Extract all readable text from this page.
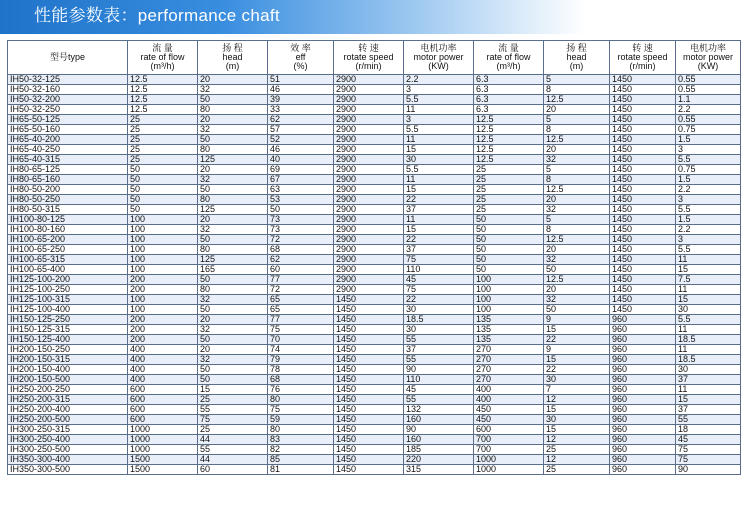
性能参数表：performance chaft
型号type	流 量
rate of flow
(m³/h)	扬 程
head
(m)	效 率
eff
(%)	转 速
rotate speed
(r/min)	电机功率
motor power
(KW)	流 量
rate of flow
(m³/h)	扬 程
head
(m)	转 速
rotate speed
(r/min)	电机功率
motor power
(KW)

IH50-32-125	12.5	20	51	2900	2.2	6.3	5	1450	0.55
IH50-32-160	12.5	32	46	2900	3	6.3	8	1450	0.55
IH50-32-200	12.5	50	39	2900	5.5	6.3	12.5	1450	1.1
IH50-32-250	12.5	80	33	2900	11	6.3	20	1450	2.2
IH65-50-125	25	20	62	2900	3	12.5	5	1450	0.55
IH65-50-160	25	32	57	2900	5.5	12.5	8	1450	0.75
IH65-40-200	25	50	52	2900	11	12.5	12.5	1450	1.5
IH65-40-250	25	80	46	2900	15	12.5	20	1450	3
IH65-40-315	25	125	40	2900	30	12.5	32	1450	5.5
IH80-65-125	50	20	69	2900	5.5	25	5	1450	0.75
IH80-65-160	50	32	67	2900	11	25	8	1450	1.5
IH80-50-200	50	50	63	2900	15	25	12.5	1450	2.2
IH80-50-250	50	80	53	2900	22	25	20	1450	3
IH80-50-315	50	125	50	2900	37	25	32	1450	5.5
IH100-80-125	100	20	73	2900	11	50	5	1450	1.5
IH100-80-160	100	32	73	2900	15	50	8	1450	2.2
IH100-65-200	100	50	72	2900	22	50	12.5	1450	3
IH100-65-250	100	80	68	2900	37	50	20	1450	5.5
IH100-65-315	100	125	62	2900	75	50	32	1450	11
IH100-65-400	100	165	60	2900	110	50	50	1450	15
IH125-100-200	200	50	77	2900	45	100	12.5	1450	7.5
IH125-100-250	200	80	72	2900	75	100	20	1450	11
IH125-100-315	100	32	65	1450	22	100	32	1450	15
IH125-100-400	100	50	65	1450	30	100	50	1450	30
IH150-125-250	200	20	77	1450	18.5	135	9	960	5.5
IH150-125-315	200	32	75	1450	30	135	15	960	11
IH150-125-400	200	50	70	1450	55	135	22	960	18.5
IH200-150-250	400	20	74	1450	37	270	9	960	11
IH200-150-315	400	32	79	1450	55	270	15	960	18.5
IH200-150-400	400	50	78	1450	90	270	22	960	30
IH200-150-500	400	50	68	1450	110	270	30	960	37
IH250-200-250	600	15	76	1450	45	400	7	960	11
IH250-200-315	600	25	80	1450	55	400	12	960	15
IH250-200-400	600	55	75	1450	132	450	15	960	37
IH250-200-500	600	75	59	1450	160	450	30	960	55
IH300-250-315	1000	25	80	1450	90	600	15	960	18
IH300-250-400	1000	44	83	1450	160	700	12	960	45
IH300-250-500	1000	55	82	1450	185	700	25	960	75
IH350-300-400	1500	44	85	1450	220	1000	12	960	75
IH350-300-500	1500	60	81	1450	315	1000	25	960	90
